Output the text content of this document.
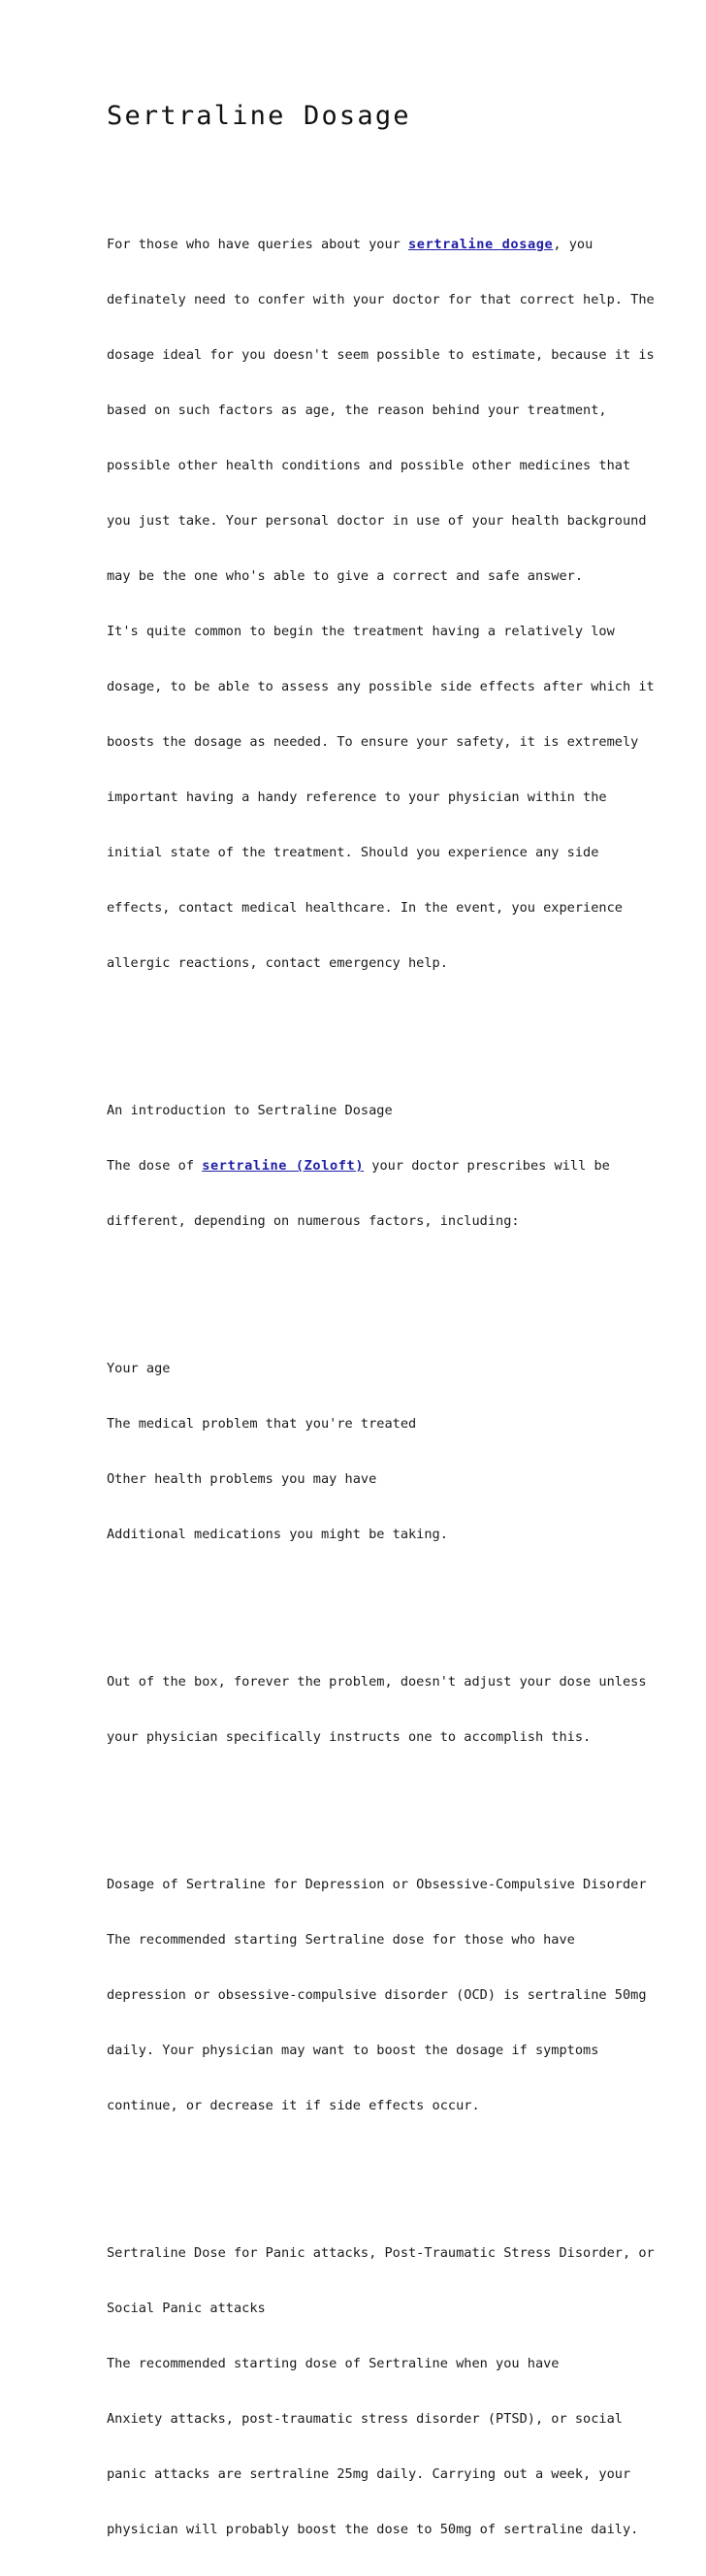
Sertraline Dosage

For those who have queries about your sertraline dosage, you

definately need to confer with your doctor for that correct help. The

dosage ideal for you doesn't seem possible to estimate, because it is

based on such factors as age, the reason behind your treatment,

possible other health conditions and possible other medicines that

you just take. Your personal doctor in use of your health background

may be the one who's able to give a correct and safe answer.

It's quite common to begin the treatment having a relatively low

dosage, to be able to assess any possible side effects after which it

boosts the dosage as needed. To ensure your safety, it is extremely

important having a handy reference to your physician within the

initial state of the treatment. Should you experience any side

effects, contact medical healthcare. In the event, you experience

allergic reactions, contact emergency help.

An introduction to Sertraline Dosage

The dose of sertraline (Zoloft) your doctor prescribes will be

different, depending on numerous factors, including:

Your age

The medical problem that you're treated

Other health problems you may have

Additional medications you might be taking.

Out of the box, forever the problem, doesn't adjust your dose unless

your physician specifically instructs one to accomplish this.

Dosage of Sertraline for Depression or Obsessive-Compulsive Disorder

The recommended starting Sertraline dose for those who have

depression or obsessive-compulsive disorder (OCD) is sertraline 50mg

daily. Your physician may want to boost the dosage if symptoms

continue, or decrease it if side effects occur.

Sertraline Dose for Panic attacks, Post-Traumatic Stress Disorder, or

Social Panic attacks

The recommended starting dose of Sertraline when you have

Anxiety attacks, post-traumatic stress disorder (PTSD), or social

panic attacks are sertraline 25mg daily. Carrying out a week, your

physician will probably boost the dose to 50mg of sertraline daily.
